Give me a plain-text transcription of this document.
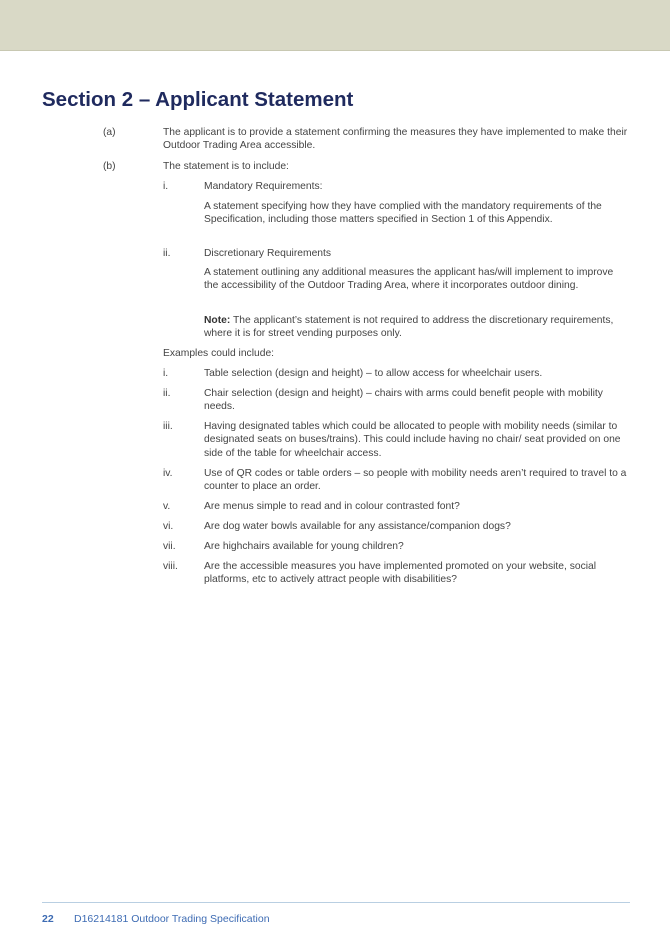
Section 2 – Applicant Statement
(a)	The applicant is to provide a statement confirming the measures they have implemented to make their Outdoor Trading Area accessible.
(b)	The statement is to include:
i.	Mandatory Requirements:
A statement specifying how they have complied with the mandatory requirements of the Specification, including those matters specified in Section 1 of this Appendix.
ii.	Discretionary Requirements
A statement outlining any additional measures the applicant has/will implement to improve the accessibility of the Outdoor Trading Area, where it incorporates outdoor dining.
Note: The applicant’s statement is not required to address the discretionary requirements, where it is for street vending purposes only.
Examples could include:
i.	Table selection (design and height) – to allow access for wheelchair users.
ii.	Chair selection (design and height) – chairs with arms could benefit people with mobility needs.
iii.	Having designated tables which could be allocated to people with mobility needs (similar to designated seats on buses/trains). This could include having no chair/ seat provided on one side of the table for wheelchair access.
iv.	Use of QR codes or table orders – so people with mobility needs aren’t required to travel to a counter to place an order.
v.	Are menus simple to read and in colour contrasted font?
vi.	Are dog water bowls available for any assistance/companion dogs?
vii.	Are highchairs available for young children?
viii.	Are the accessible measures you have implemented promoted on your website, social platforms, etc to actively attract people with disabilities?
22 D16214181 Outdoor Trading Specification
